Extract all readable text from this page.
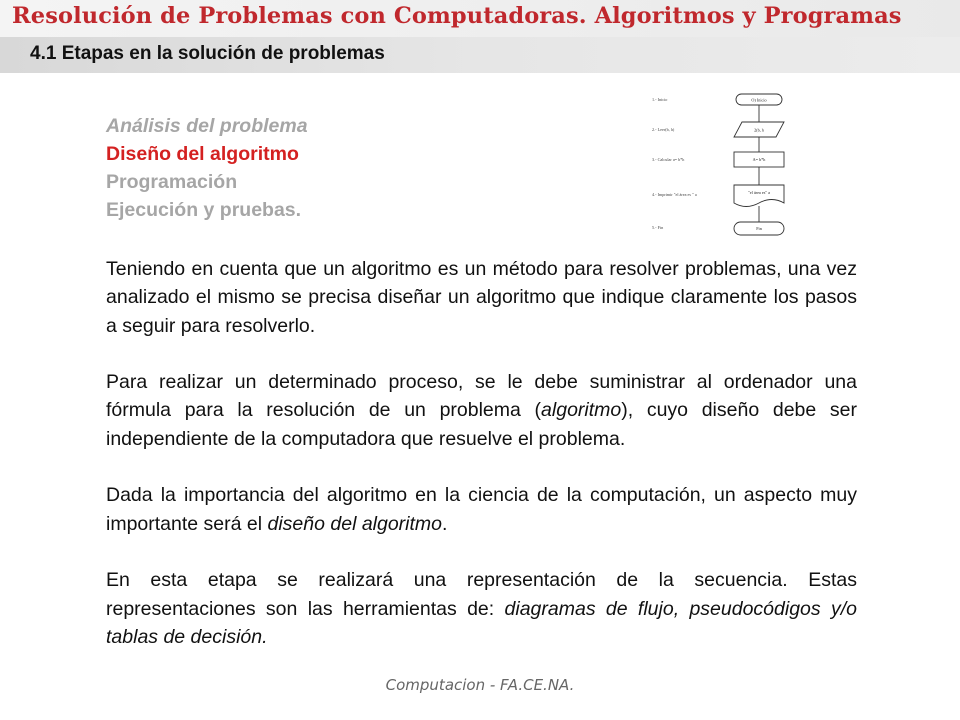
Resolución de Problemas con Computadoras. Algoritmos y Programas
4.1 Etapas en la solución de problemas
Análisis del problema
Diseño del algoritmo
Programación
Ejecución y pruebas.
1.- Inicio
2.- Leer(b, h)
3.- Calcular a= b*h
4.- Imprimir "el área es " a
5.- Fin
O) Inicio
2(b, h
A= b*h
"el área es" a
Fin

Teniendo en cuenta que un algoritmo es un método para resolver problemas, una vez analizado el mismo se precisa diseñar un algoritmo que indique claramente los pasos a seguir para resolverlo.

Para realizar un determinado proceso, se le debe suministrar al ordenador una fórmula para la resolución de un problema (algoritmo), cuyo diseño debe ser independiente de la computadora que resuelve el problema.

Dada la importancia del algoritmo en la ciencia de la computación, un aspecto muy importante será el diseño del algoritmo.

En esta etapa se realizará una representación de la secuencia. Estas representaciones son las herramientas de: diagramas de flujo, pseudocódigos y/o tablas de decisión.

Computacion - FA.CE.NA.
